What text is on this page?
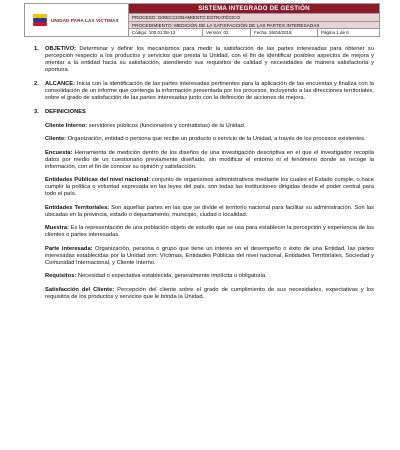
UNIDAD PARA LAS VÍCTIMAS
SISTEMA INTEGRADO DE GESTIÓN
PROCESO: DIRECCIONAMIENTO ESTRATÉGICO
PROCEDIMIENTO: MEDICIÓN DE LA SATISFACCIÓN DE LAS PARTES INTERESADAS
Código: 100.01.08-13	Versión: 02	Fecha: 26/04/2018	Página 1 de 6
1.	OBJETIVO: Determinar y definir los mecanismos para medir la satisfacción de las partes interesadas para obtener su percepción respecto a los productos y servicios que presta la Unidad, con el fin de identificar posibles aspectos de mejora y orientar a la entidad hacia su satisfacción, atendiendo sus requisitos de calidad y necesidades de manera satisfactoria y oportuna.
2.	ALCANCE: Inicia con la identificación de las partes interesadas pertinentes para la aplicación de las encuestas y finaliza con la consolidación de un informe que contenga la información presentada por los procesos, incluyendo a las direcciones territoriales, sobre el grado de satisfacción de las partes interesadas junto con la definición de acciones de mejora.
3.	DEFINICIONES

Cliente Interno: servidores públicos (funcionarios y contratistas) de la Unidad.

Cliente: Organización, entidad o persona que recibe un producto o servicio de la Unidad, a través de los procesos existentes.

Encuesta: Herramienta de medición dentro de los diseños de una investigación descriptiva en el que el investigador recopila datos por medio de un cuestionario previamente diseñado, sin modificar el entorno ni el fenómeno donde se recoge la información, con el fin de conocer su opinión y satisfacción.

Entidades Públicas del nivel nacional: conjunto de organismos administrativos mediante los cuales el Estado cumple, o hace cumplir la política o voluntad expresada en las leyes del país. son todas las instituciones dirigidas desde el poder central para todo el país.

Entidades Territoriales: Son aquellas partes en las que se divide el territorio nacional para facilitar su administración. Son las ubicadas en la provincia, estado o departamento, municipio, ciudad o localidad.

Muestra: Es la representación de una población objeto de estudio que se usa para establecer la percepción y experiencia de los clientes o partes interesadas.

Parte interesada: Organización, persona o grupo que tiene un interés en el desempeño o éxito de una Entidad, las partes interesadas establecidas por la Unidad son: Víctimas, Entidades Públicas del nivel nacional, Entidades Territoriales, Sociedad y Comunidad Internacional, y Cliente Interno.

Requisitos: Necesidad o expectativa establecida, generalmente implícita u obligatoria.

Satisfacción del Cliente: Percepción del cliente sobre el grado de cumplimiento de sus necesidades, expectativas y los requisitos de los productos y servicios que le brinda la Unidad.
